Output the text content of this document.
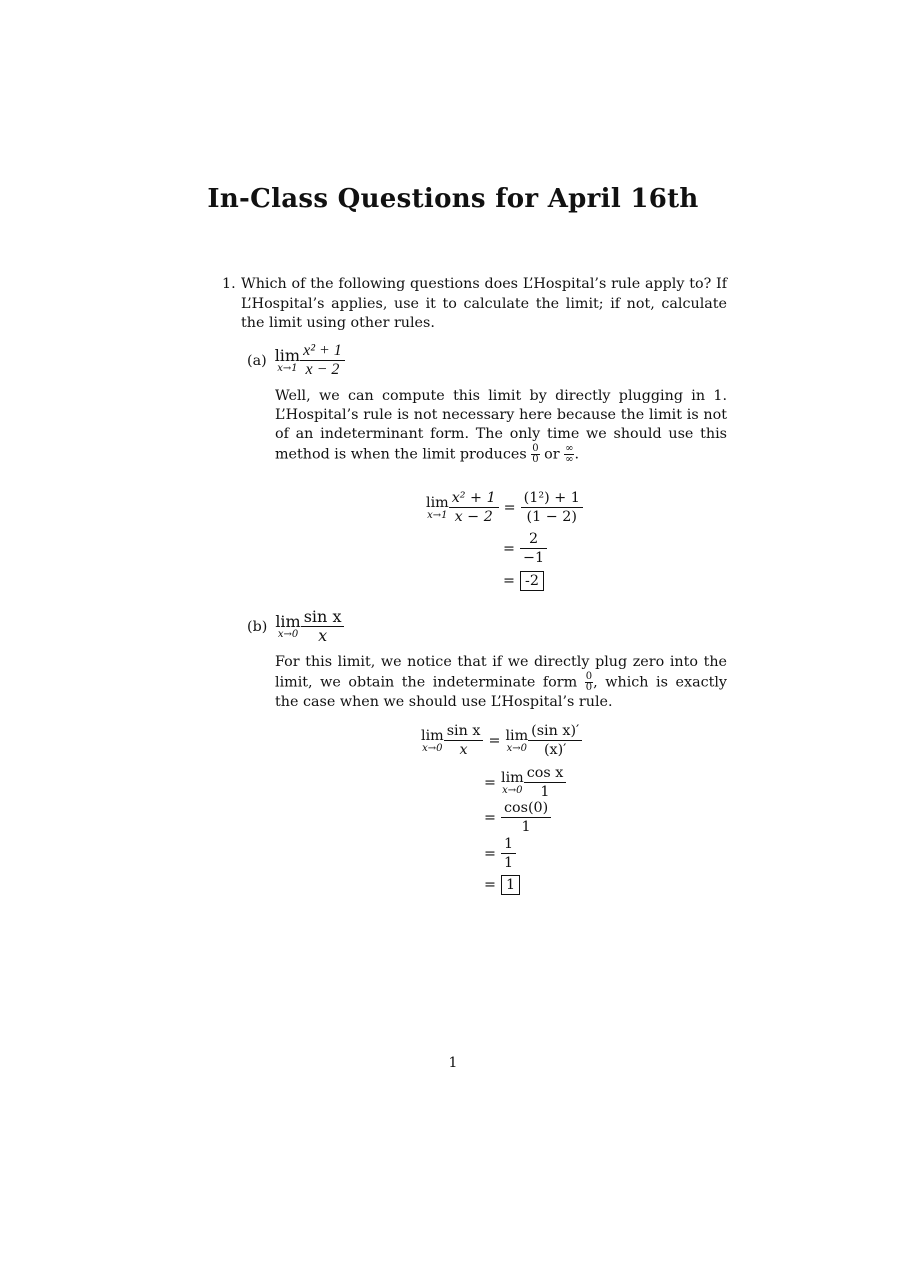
In-Class Questions for April 16th
1. Which of the following questions does L’Hospital’s rule apply to? If L’Hospital’s applies, use it to calculate the limit; if not, calculate the limit using other rules.
(a) lim
$x\to 1 \frac{\text{x² + 1}}{x - 2}$
Well, we can compute this limit by directly plugging in 1. L’Hospital’s rule is not necessary here because the limit is not of an indeterminant form. The only time we should use this method is when the limit produces $\frac{0}{0}$ or $\frac{\infty}{\infty}$ .
lim
$x\to 1 \frac{\text{x² + 1}}{x - 2} = \frac{\text{(1²) + 1}}{(1 - 2)}$
= $\frac{2}{-1}$
= -2
(b) lim
$x\to 0 \frac{\text{sin x}}{x}$
For this limit, we notice that if we directly plug zero into the limit, we obtain the indeterminate form $\frac{0}{0}$ , which is exactly the case when we should use L’Hospital’s rule.
lim
$x\to 0 \frac{\text{sin x}}{x} = \lim$
$x\to 0 \frac{\text{(sin x)′}}{(x)'}$
= lim
$x\to 0 \frac{\text{cos x}}{1}$
= $\frac{\cos(0)}{1}$
= $\frac{1}{1}$
= 1
1
